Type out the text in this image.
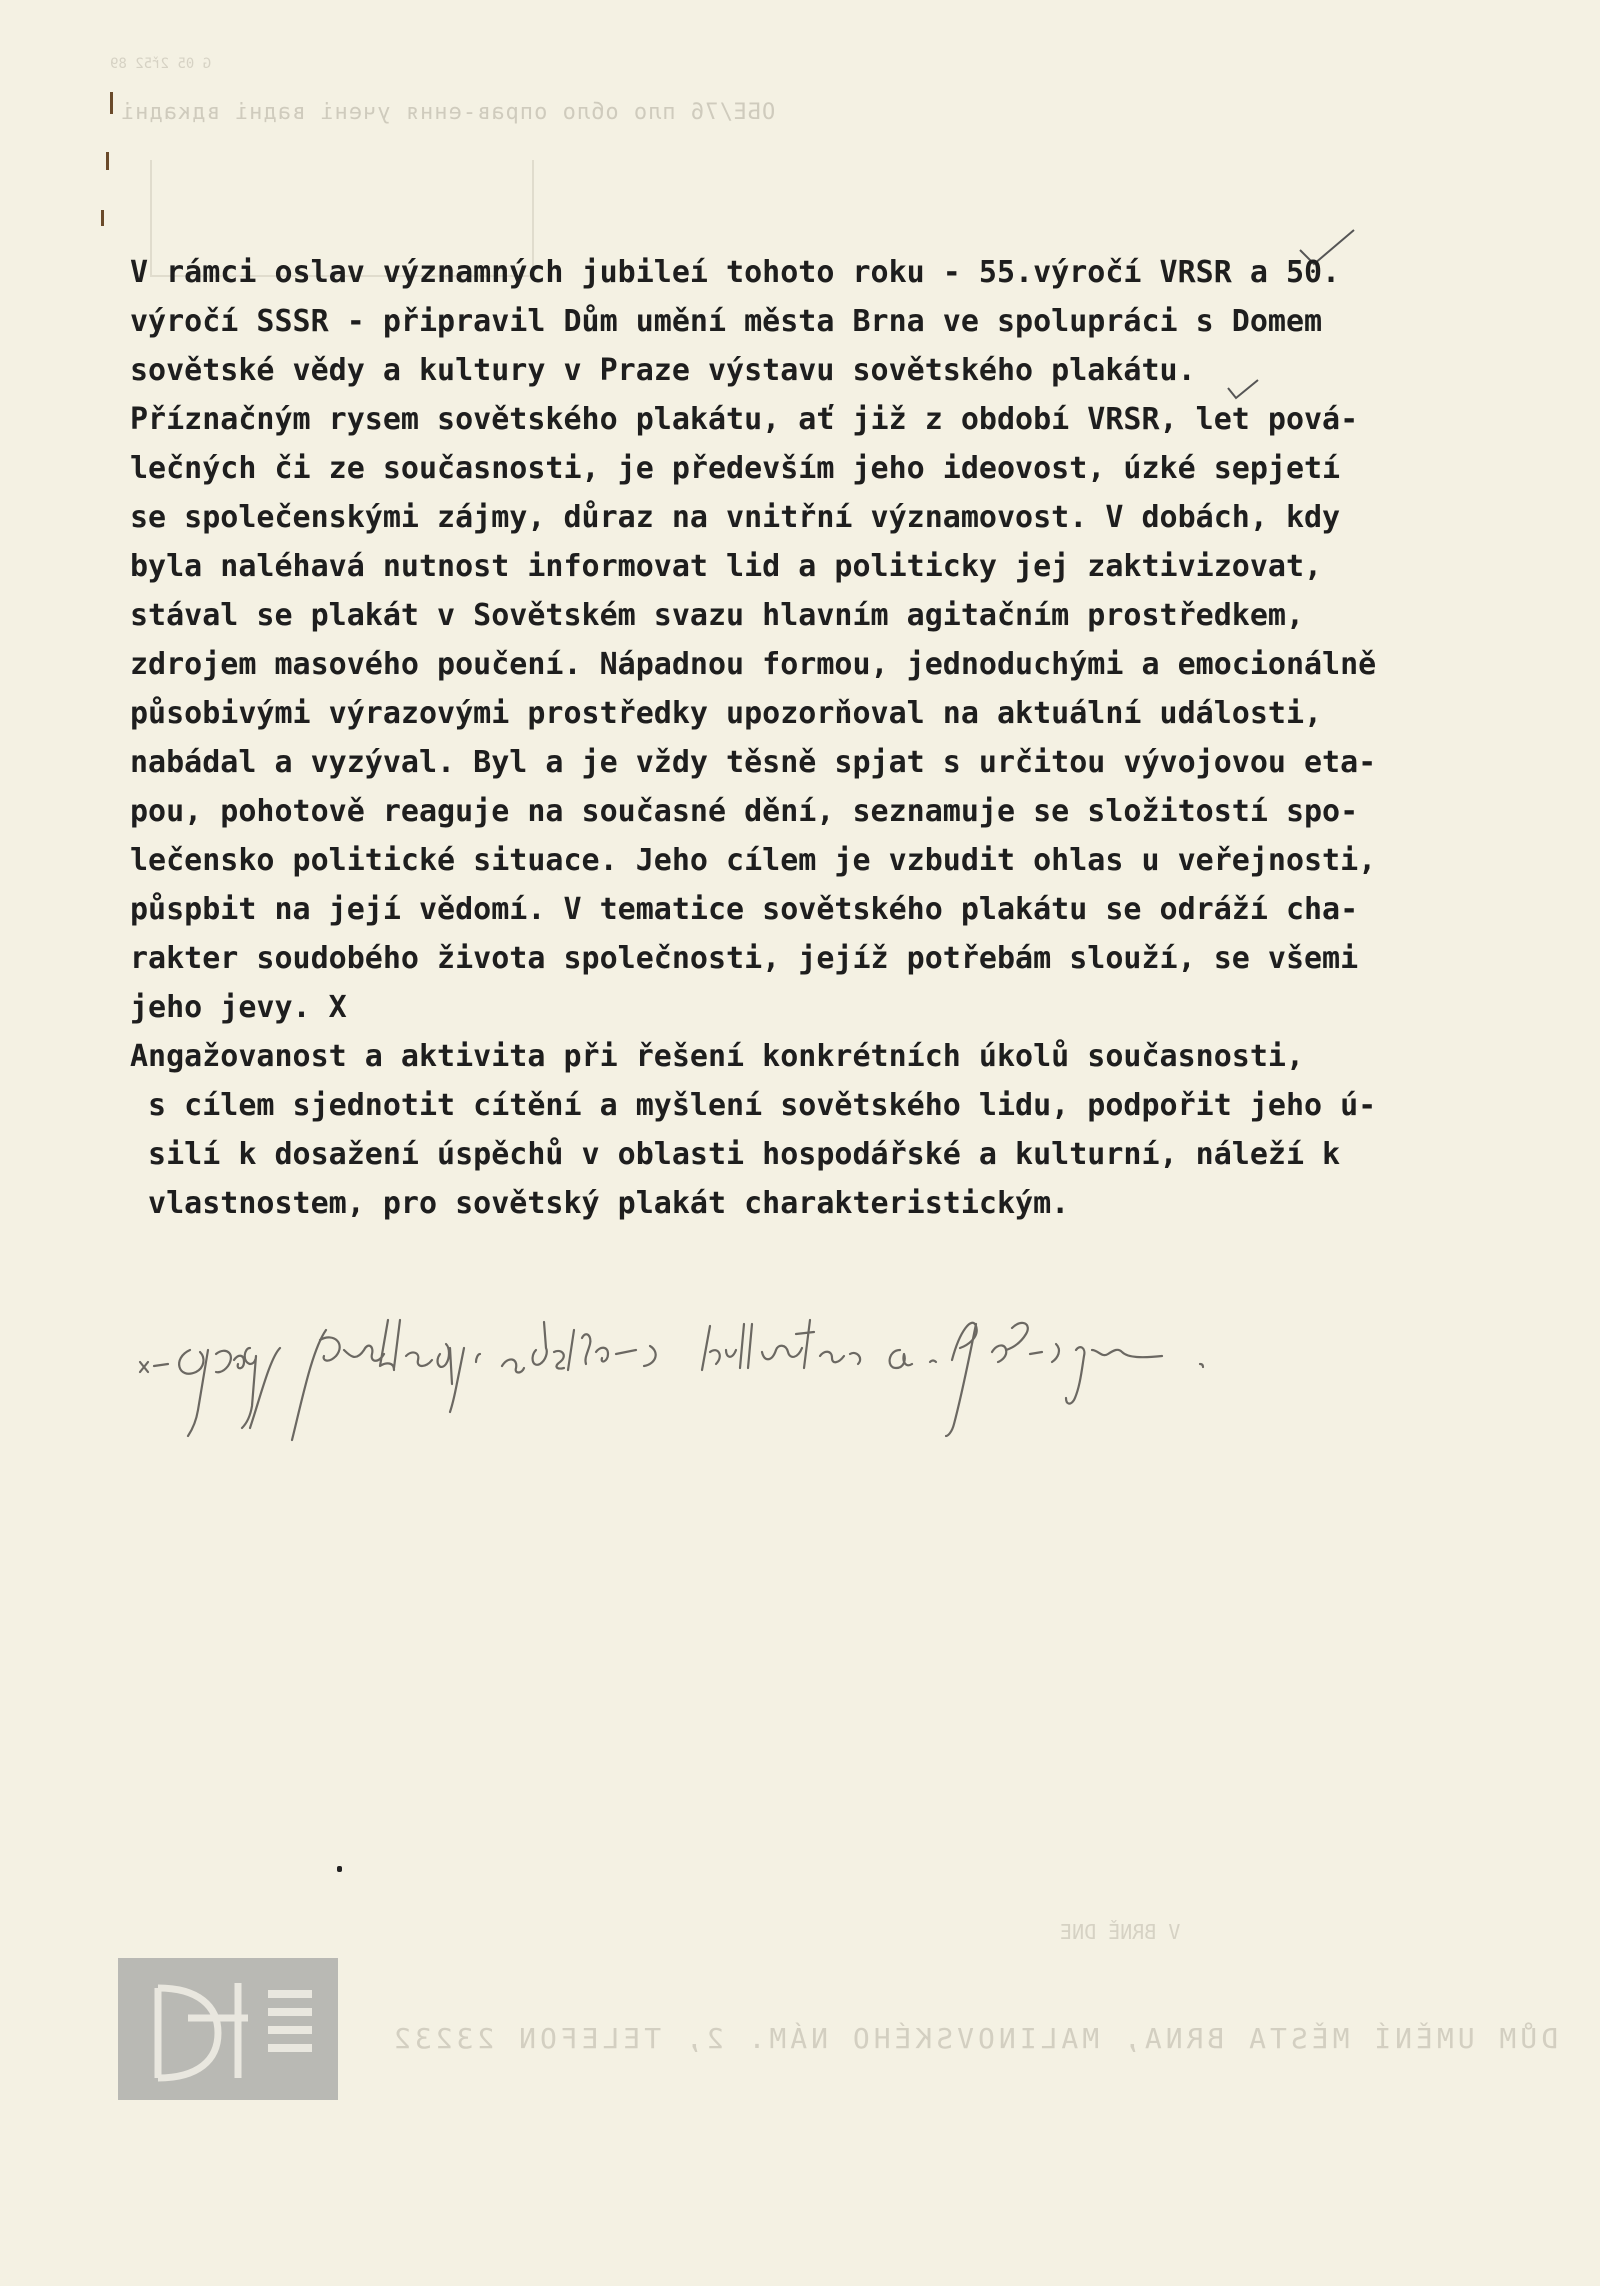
G 05 2ř52 89
ОБЕ/76 пло обло оправ-ення учені вадні вдкадні
V BRNĚ DNE
DŮM UMĚNÍ MĚSTA BRNA, MALINOVSKÉHO NÁM. 2, TELEFON 23232
V rámci oslav významných jubileí tohoto roku - 55.výročí VRSR a 50.
výročí SSSR - připravil Dům umění města Brna ve spolupráci s Domem
sovětské vědy a kultury v Praze výstavu sovětského plakátu.
Příznačným rysem sovětského plakátu, ať již z období VRSR, let pová-
lečných či ze současnosti, je především jeho ideovost, úzké sepjetí
se společenskými zájmy, důraz na vnitřní významovost. V dobách, kdy
byla naléhavá nutnost informovat lid a politicky jej zaktivizovat,
stával se plakát v Sovětském svazu hlavním agitačním prostředkem,
zdrojem masového poučení. Nápadnou formou, jednoduchými a emocionálně
působivými výrazovými prostředky upozorňoval na aktuální události,
nabádal a vyzýval. Byl a je vždy těsně spjat s určitou vývojovou eta-
pou, pohotově reaguje na současné dění, seznamuje se složitostí spo-
lečensko politické situace. Jeho cílem je vzbudit ohlas u veřejnosti,
půspbit na její vědomí. V tematice sovětského plakátu se odráží cha-
rakter soudobého života společnosti, jejíž potřebám slouží, se všemi
jeho jevy. X
Angažovanost a aktivita při řešení konkrétních úkolů současnosti,
s cílem sjednotit cítění a myšlení sovětského lidu, podpořit jeho ú-
silí k dosažení úspěchů v oblasti hospodářské a kulturní, náleží k
vlastnostem, pro sovětský plakát charakteristickým.
